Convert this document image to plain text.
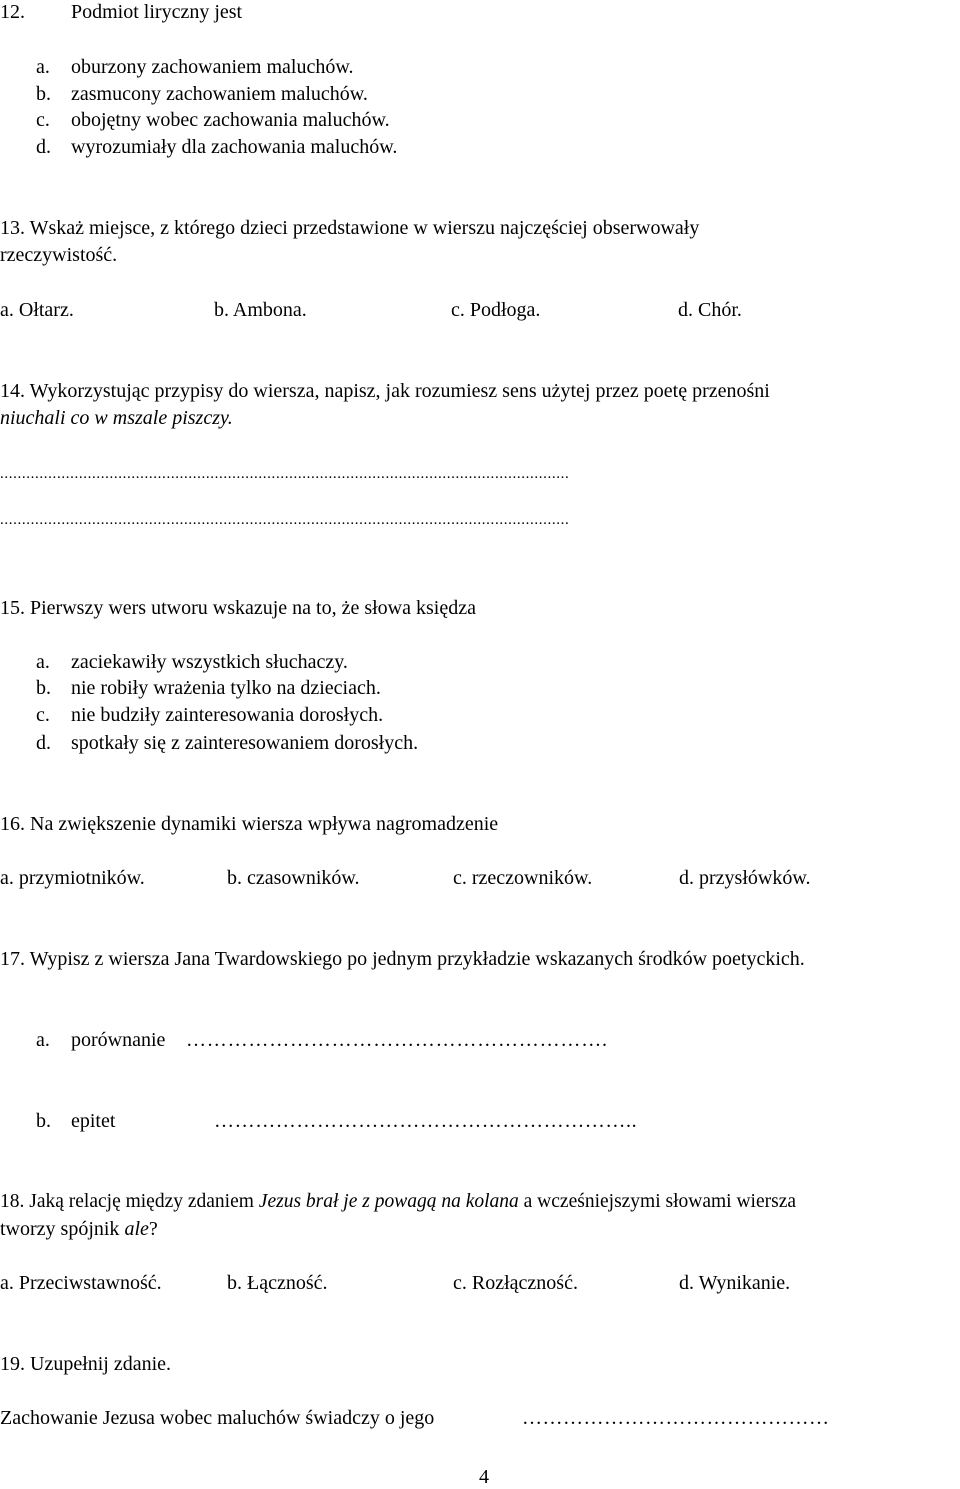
12. Podmiot liryczny jest
a. oburzony zachowaniem maluchów.
b. zasmucony zachowaniem maluchów.
c. obojętny wobec zachowania maluchów.
d. wyrozumiały dla zachowania maluchów.
13. Wskaż miejsce, z którego dzieci przedstawione w wierszu najczęściej obserwowały
rzeczywistość.
a. Ołtarz.	b. Ambona.	c. Podłoga.	d. Chór.
14. Wykorzystując przypisy do wiersza, napisz, jak rozumiesz sens użytej przez poetę przenośni
niuchali co w mszale piszczy.
..................................................................................................................................
..................................................................................................................................
15. Pierwszy wers utworu wskazuje na to, że słowa księdza
a. zaciekawiły wszystkich słuchaczy.
b. nie robiły wrażenia tylko na dzieciach.
c. nie budziły zainteresowania dorosłych.
d. spotkały się z zainteresowaniem dorosłych.
16. Na zwiększenie dynamiki wiersza wpływa nagromadzenie
a. przymiotników.	b. czasowników.	c. rzeczowników.	d. przysłówków.
17. Wypisz z wiersza Jana Twardowskiego po jednym przykładzie wskazanych środków poetyckich.
a. porównanie …………………………………………………….
b. epitet	……………………………………………………..
18. Jaką relację między zdaniem Jezus brał je z powagą na kolana a wcześniejszymi słowami wiersza
tworzy spójnik ale?
a. Przeciwstawność.	b. Łączność.	c. Rozłączność.	d. Wynikanie.
19. Uzupełnij zdanie.
Zachowanie Jezusa wobec maluchów świadczy o jego	………………………………………
4
